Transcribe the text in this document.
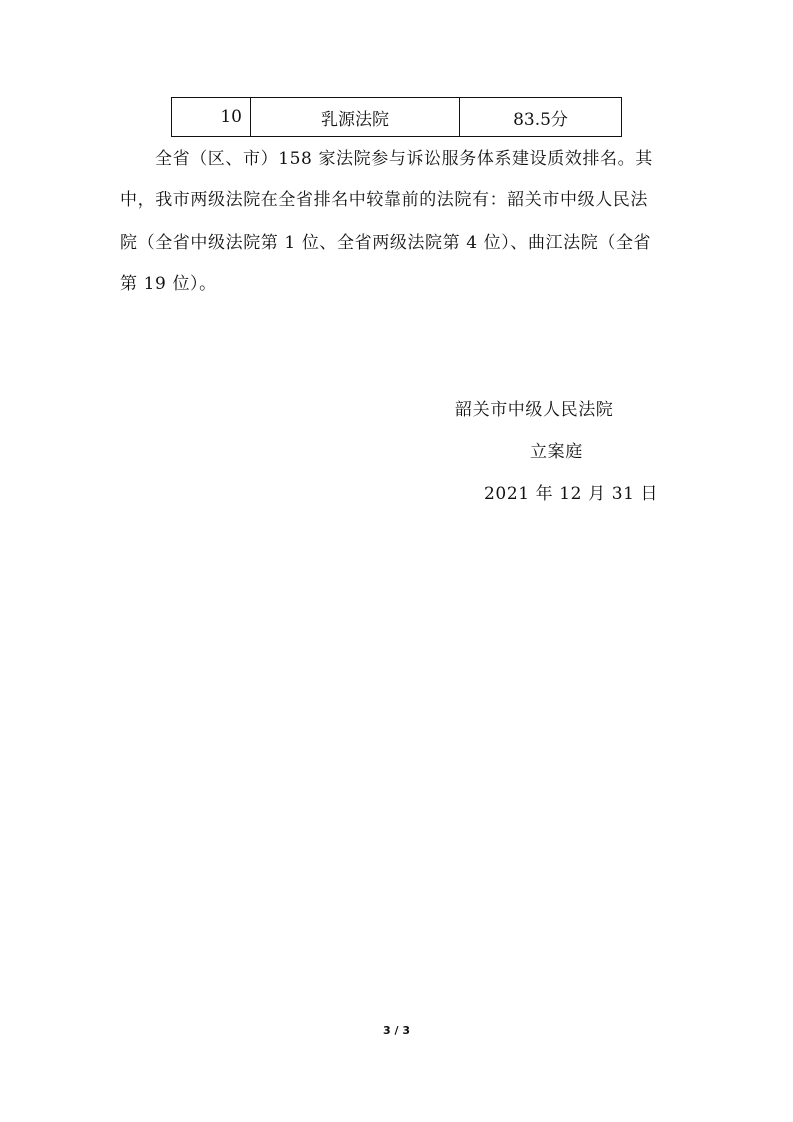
10	乳源法院	83.5分
全省（区、市）158 家法院参与诉讼服务体系建设质效排名。其
中，我市两级法院在全省排名中较靠前的法院有：韶关市中级人民法
院（全省中级法院第 1 位、全省两级法院第 4 位）、曲江法院（全省
第 19 位）。
韶关市中级人民法院
立案庭
2021 年 12 月 31 日
3 / 3
